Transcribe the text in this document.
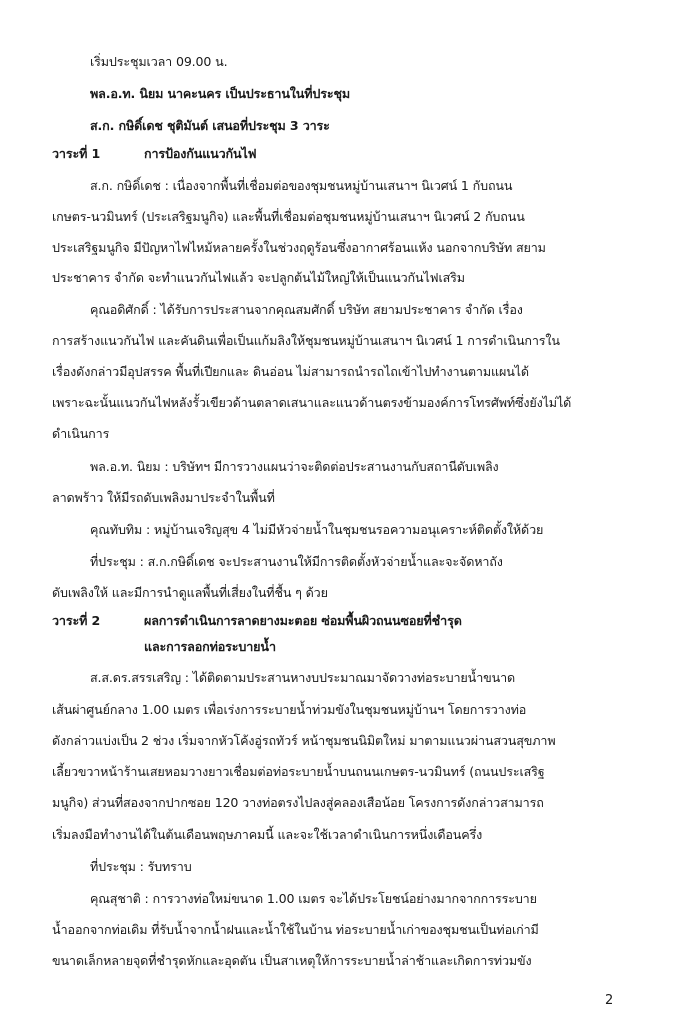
เริ่มประชุมเวลา 09.00 น.
พล.อ.ท. นิยม นาคะนคร เป็นประธานในที่ประชุม
ส.ก. กษิดิ์เดช ชุติมันต์ เสนอที่ประชุม 3 วาระ
วาระที่ 1	การป้องกันแนวกันไฟ
ส.ก. กษิดิ์เดช : เนื่องจากพื้นที่เชื่อมต่อของชุมชนหมู่บ้านเสนาฯ นิเวศน์ 1 กับถนน
เกษตร-นวมินทร์ (ประเสริฐมนูกิจ) และพื้นที่เชื่อมต่อชุมชนหมู่บ้านเสนาฯ นิเวศน์ 2 กับถนน
ประเสริฐมนูกิจ มีปัญหาไฟไหม้หลายครั้งในช่วงฤดูร้อนซึ่งอากาศร้อนแห้ง นอกจากบริษัท สยาม
ประชาคาร จำกัด จะทำแนวกันไฟแล้ว จะปลูกต้นไม้ใหญ่ให้เป็นแนวกันไฟเสริม
คุณอดิศักดิ์ : ได้รับการประสานจากคุณสมศักดิ์ บริษัท สยามประชาคาร จำกัด เรื่อง
การสร้างแนวกันไฟ และคันดินเพื่อเป็นแก้มลิงให้ชุมชนหมู่บ้านเสนาฯ นิเวศน์ 1 การดำเนินการใน
เรื่องดังกล่าวมีอุปสรรค พื้นที่เปียกและ ดินอ่อน ไม่สามารถนำรถไถเข้าไปทำงานตามแผนได้
เพราะฉะนั้นแนวกันไฟหลังรั้วเขียวด้านตลาดเสนาและแนวด้านตรงข้ามองค์การโทรศัพท์ซึ่งยังไม่ได้
ดำเนินการ
พล.อ.ท. นิยม : บริษัทฯ มีการวางแผนว่าจะติดต่อประสานงานกับสถานีดับเพลิง
ลาดพร้าว ให้มีรถดับเพลิงมาประจำในพื้นที่
คุณทับทิม : หมู่บ้านเจริญสุข 4 ไม่มีหัวจ่ายน้ำในชุมชนรอความอนุเคราะห์ติดตั้งให้ด้วย
ที่ประชุม : ส.ก.กษิดิ์เดช จะประสานงานให้มีการติดตั้งหัวจ่ายน้ำและจะจัดหาถัง
ดับเพลิงให้ และมีการนำดูแลพื้นที่เสี่ยงในที่ชื้น ๆ ด้วย
วาระที่ 2	ผลการดำเนินการลาดยางมะตอย ซ่อมพื้นผิวถนนซอยที่ชำรุด
และการลอกท่อระบายน้ำ
ส.ส.ดร.สรรเสริญ : ได้ติดตามประสานหางบประมาณมาจัดวางท่อระบายน้ำขนาด
เส้นผ่าศูนย์กลาง 1.00 เมตร เพื่อเร่งการระบายน้ำท่วมขังในชุมชนหมู่บ้านฯ โดยการวางท่อ
ดังกล่าวแบ่งเป็น 2 ช่วง เริ่มจากหัวโค้งอู่รถทัวร์ หน้าชุมชนนิมิตใหม่ มาตามแนวผ่านสวนสุขภาพ
เลี้ยวขวาหน้าร้านเสยหอมวางยาวเชื่อมต่อท่อระบายน้ำบนถนนเกษตร-นวมินทร์ (ถนนประเสริฐ
มนูกิจ) ส่วนที่สองจากปากซอย 120 วางท่อตรงไปลงสู่คลองเสือน้อย โครงการดังกล่าวสามารถ
เริ่มลงมือทำงานได้ในต้นเดือนพฤษภาคมนี้ และจะใช้เวลาดำเนินการหนึ่งเดือนครึ่ง
ที่ประชุม : รับทราบ
คุณสุชาติ : การวางท่อใหม่ขนาด 1.00 เมตร จะได้ประโยชน์อย่างมากจากการระบาย
น้ำออกจากท่อเดิม ที่รับน้ำจากน้ำฝนและน้ำใช้ในบ้าน ท่อระบายน้ำเก่าของชุมชนเป็นท่อเก่ามี
ขนาดเล็กหลายจุดที่ชำรุดหักและอุดตัน เป็นสาเหตุให้การระบายน้ำล่าช้าและเกิดการท่วมขัง
2
